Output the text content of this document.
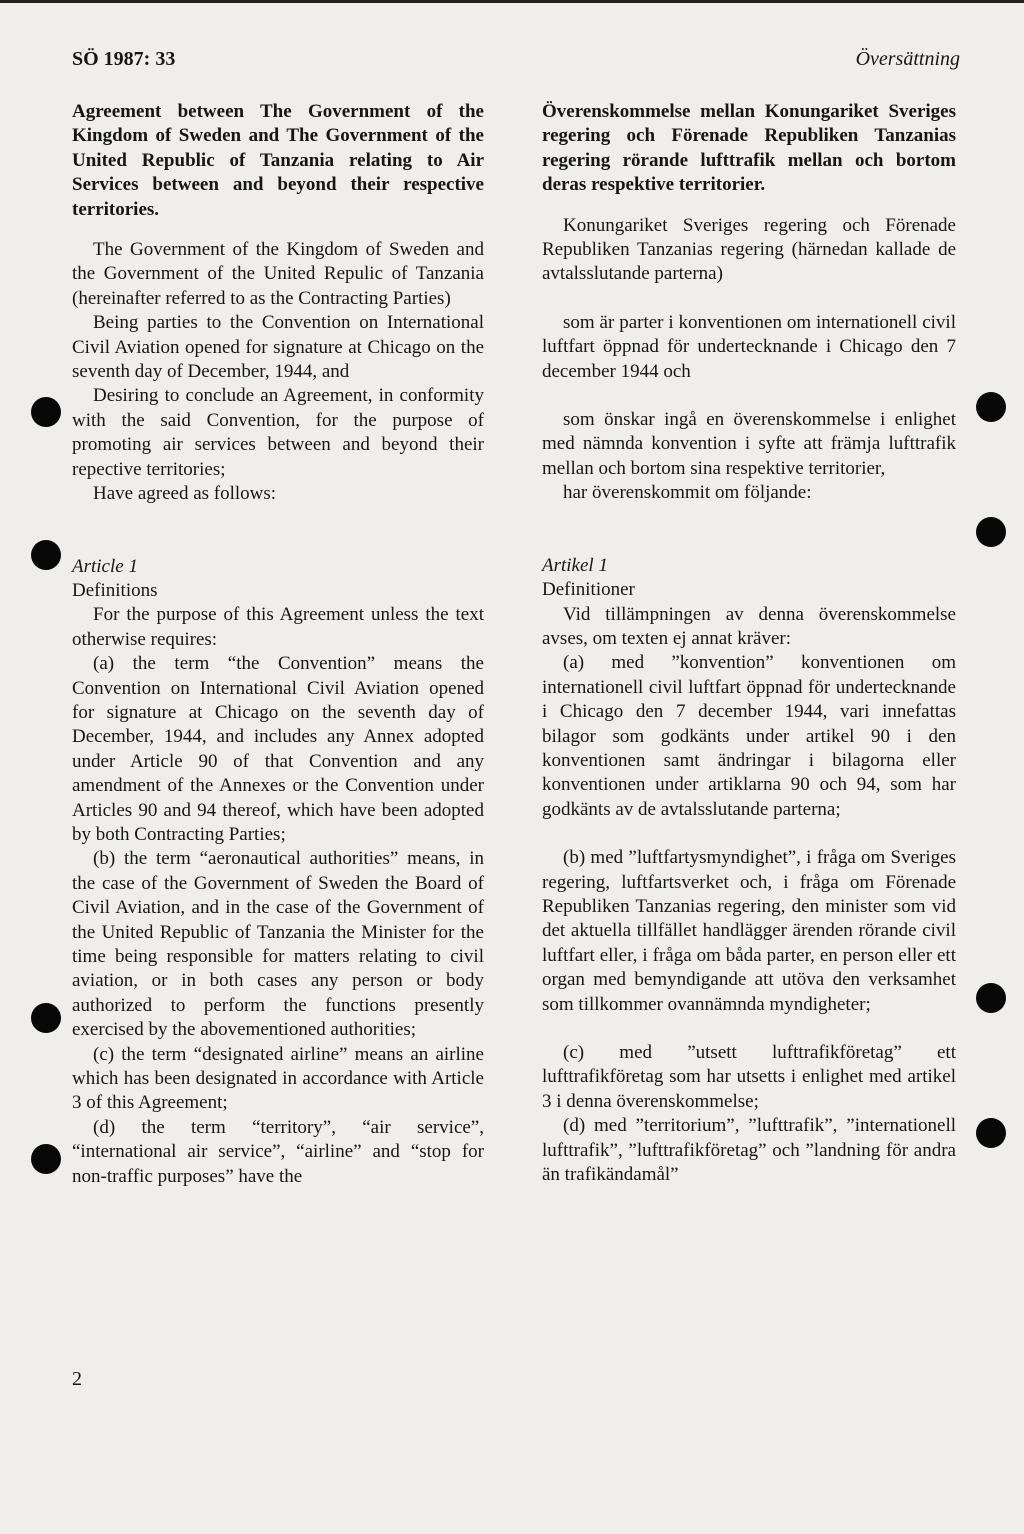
SÖ 1987: 33	Översättning

Agreement between The Government of the Kingdom of Sweden and The Government of the United Republic of Tanzania relating to Air Services between and beyond their respective territories.

The Government of the Kingdom of Sweden and the Government of the United Repulic of Tanzania (hereinafter referred to as the Contracting Parties)

Being parties to the Convention on International Civil Aviation opened for signature at Chicago on the seventh day of December, 1944, and

Desiring to conclude an Agreement, in conformity with the said Convention, for the purpose of promoting air services between and beyond their repective territories;

Have agreed as follows:

Article 1

Definitions

For the purpose of this Agreement unless the text otherwise requires:

(a) the term “the Convention” means the Convention on International Civil Aviation opened for signature at Chicago on the seventh day of December, 1944, and includes any Annex adopted under Article 90 of that Convention and any amendment of the Annexes or the Convention under Articles 90 and 94 thereof, which have been adopted by both Contracting Parties;

(b) the term “aeronautical authorities” means, in the case of the Government of Sweden the Board of Civil Aviation, and in the case of the Government of the United Republic of Tanzania the Minister for the time being responsible for matters relating to civil aviation, or in both cases any person or body authorized to perform the functions presently exercised by the abovementioned authorities;

(c) the term “designated airline” means an airline which has been designated in accordance with Article 3 of this Agreement;

(d) the term “territory”, “air service”, “international air service”, “airline” and “stop for non-traffic purposes” have the

Överenskommelse mellan Konungariket Sveriges regering och Förenade Republiken Tanzanias regering rörande lufttrafik mellan och bortom deras respektive territorier.

Konungariket Sveriges regering och Förenade Republiken Tanzanias regering (härnedan kallade de avtalsslutande parterna)

som är parter i konventionen om internationell civil luftfart öppnad för undertecknande i Chicago den 7 december 1944 och

som önskar ingå en överenskommelse i enlighet med nämnda konvention i syfte att främja lufttrafik mellan och bortom sina respektive territorier,

har överenskommit om följande:

Artikel 1

Definitioner

Vid tillämpningen av denna överenskommelse avses, om texten ej annat kräver:

(a) med ”konvention” konventionen om internationell civil luftfart öppnad för undertecknande i Chicago den 7 december 1944, vari innefattas bilagor som godkänts under artikel 90 i den konventionen samt ändringar i bilagorna eller konventionen under artiklarna 90 och 94, som har godkänts av de avtalsslutande parterna;

(b) med ”luftfartysmyndighet”, i fråga om Sveriges regering, luftfartsverket och, i fråga om Förenade Republiken Tanzanias regering, den minister som vid det aktuella tillfället handlägger ärenden rörande civil luftfart eller, i fråga om båda parter, en person eller ett organ med bemyndigande att utöva den verksamhet som tillkommer ovannämnda myndigheter;

(c) med ”utsett lufttrafikföretag” ett lufttrafikföretag som har utsetts i enlighet med artikel 3 i denna överenskommelse;

(d) med ”territorium”, ”lufttrafik”, ”internationell lufttrafik”, ”lufttrafikföretag” och ”landning för andra än trafikändamål”

2
